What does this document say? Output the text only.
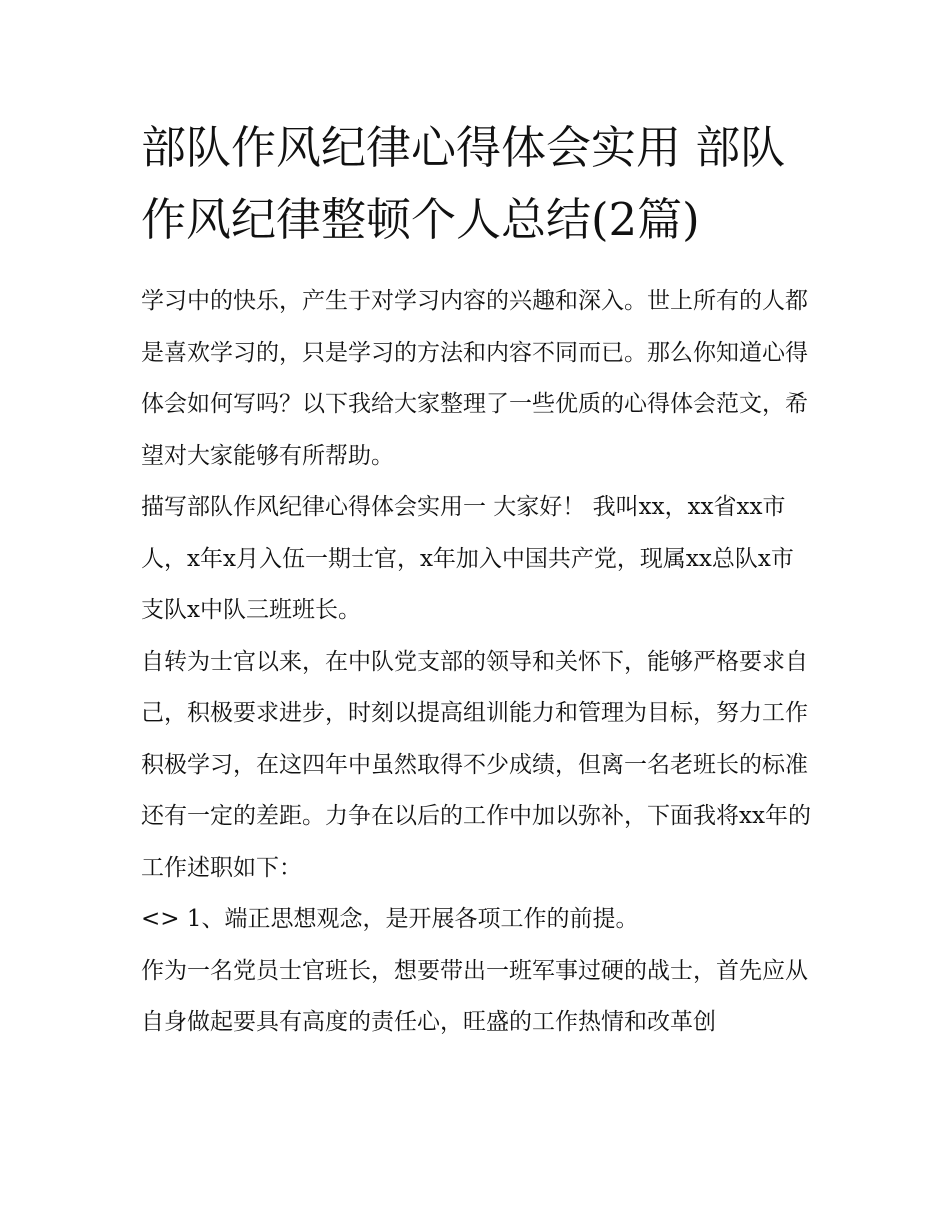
部队作风纪律心得体会实用 部队作风纪律整顿个人总结(2篇)

学习中的快乐，产生于对学习内容的兴趣和深入。世上所有的人都是喜欢学习的，只是学习的方法和内容不同而已。那么你知道心得体会如何写吗？以下我给大家整理了一些优质的心得体会范文，希望对大家能够有所帮助。

描写部队作风纪律心得体会实用一 大家好！ 我叫xx，xx省xx市人，x年x月入伍一期士官，x年加入中国共产党，现属xx总队x市支队x中队三班班长。

自转为士官以来，在中队党支部的领导和关怀下，能够严格要求自己，积极要求进步，时刻以提高组训能力和管理为目标，努力工作积极学习，在这四年中虽然取得不少成绩，但离一名老班长的标准还有一定的差距。力争在以后的工作中加以弥补，下面我将xx年的工作述职如下：

<> 1、端正思想观念，是开展各项工作的前提。

作为一名党员士官班长，想要带出一班军事过硬的战士，首先应从自身做起要具有高度的责任心，旺盛的工作热情和改革创
